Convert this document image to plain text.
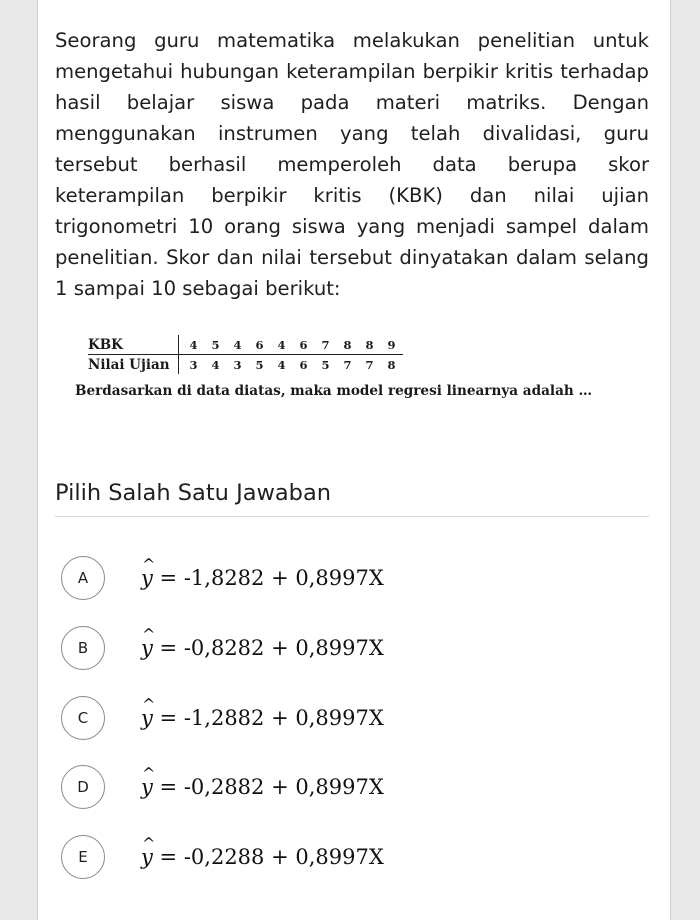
Seorang guru matematika melakukan penelitian untuk mengetahui hubungan keterampilan berpikir kritis terhadap hasil belajar siswa pada materi matriks. Dengan menggunakan instrumen yang telah divalidasi, guru tersebut berhasil memperoleh data berupa skor keterampilan berpikir kritis (KBK) dan nilai ujian trigonometri 10 orang siswa yang menjadi sampel dalam penelitian. Skor dan nilai tersebut dinyatakan dalam selang 1 sampai 10 sebagai berikut:
KBK	4	5	4	6	4	6	7	8	8	9
Nilai Ujian	3	4	3	5	4	6	5	7	7	8
Berdasarkan di data diatas, maka model regresi linearnya adalah …
Pilih Salah Satu Jawaban
A	^ y = -1,8282 + 0,8997X
B	^ y = -0,8282 + 0,8997X
C	^ y = -1,2882 + 0,8997X
D	^ y = -0,2882 + 0,8997X
E	^ y = -0,2288 + 0,8997X
